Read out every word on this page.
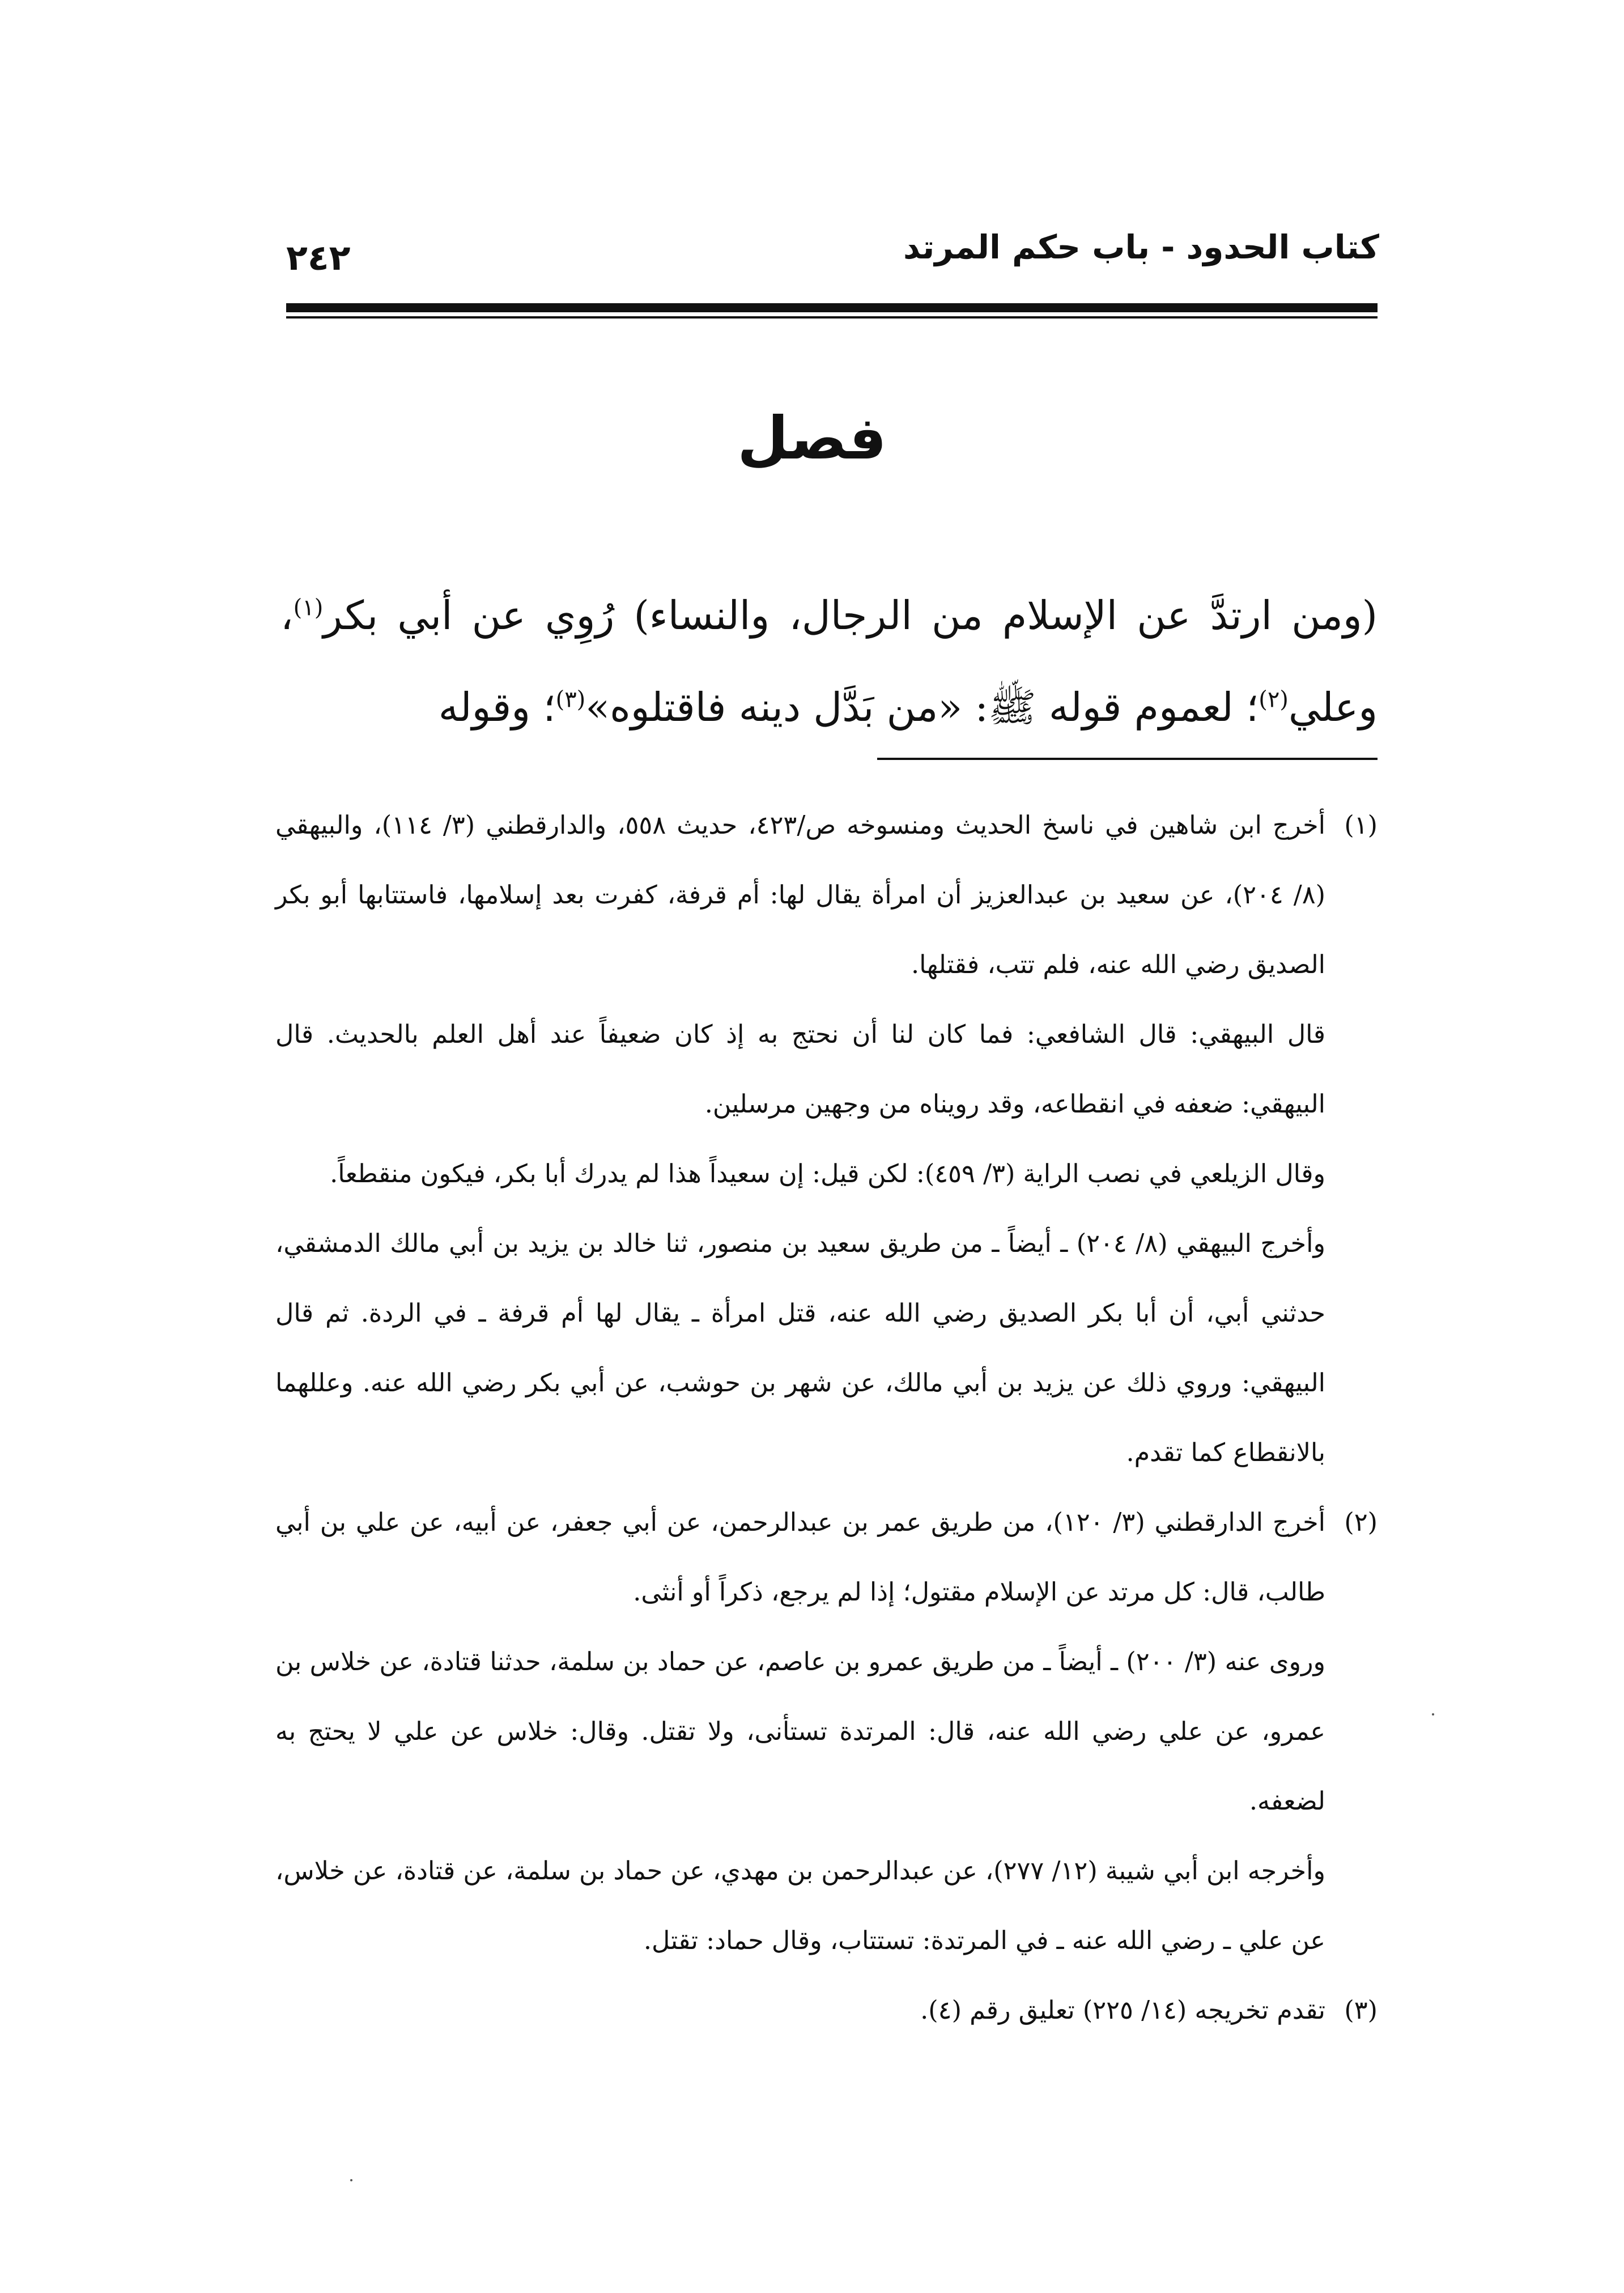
كتاب الحدود - باب حكم المرتد
٢٤٢
فصل
(ومن ارتدَّ عن الإسلام من الرجال، والنساء) رُوِي عن أبي بكر$^{(١)}$، وعلي$^{(٢)}$؛ لعموم قوله ﷺ: «من بَدَّل دينه فاقتلوه»$^{(٣)}$؛ وقوله

(١)أخرج ابن شاهين في ناسخ الحديث ومنسوخه ص/٤٢٣، حديث ٥٥٨، والدارقطني (٣/ ١١٤)، والبيهقي (٨/ ٢٠٤)، عن سعيد بن عبدالعزيز أن امرأة يقال لها: أم قرفة، كفرت بعد إسلامها، فاستتابها أبو بكر الصديق رضي الله عنه، فلم تتب، فقتلها.

قال البيهقي: قال الشافعي: فما كان لنا أن نحتج به إذ كان ضعيفاً عند أهل العلم بالحديث. قال البيهقي: ضعفه في انقطاعه، وقد رويناه من وجهين مرسلين.

وقال الزيلعي في نصب الراية (٣/ ٤٥٩): لكن قيل: إن سعيداً هذا لم يدرك أبا بكر، فيكون منقطعاً.

وأخرج البيهقي (٨/ ٢٠٤) ـ أيضاً ـ من طريق سعيد بن منصور، ثنا خالد بن يزيد بن أبي مالك الدمشقي، حدثني أبي، أن أبا بكر الصديق رضي الله عنه، قتل امرأة ـ يقال لها أم قرفة ـ في الردة. ثم قال البيهقي: وروي ذلك عن يزيد بن أبي مالك، عن شهر بن حوشب، عن أبي بكر رضي الله عنه. وعللهما بالانقطاع كما تقدم.

(٢)أخرج الدارقطني (٣/ ١٢٠)، من طريق عمر بن عبدالرحمن، عن أبي جعفر، عن أبيه، عن علي بن أبي طالب، قال: كل مرتد عن الإسلام مقتول؛ إذا لم يرجع، ذكراً أو أنثى.

وروى عنه (٣/ ٢٠٠) ـ أيضاً ـ من طريق عمرو بن عاصم، عن حماد بن سلمة، حدثنا قتادة، عن خلاس بن عمرو، عن علي رضي الله عنه، قال: المرتدة تستأنى، ولا تقتل. وقال: خلاس عن علي لا يحتج به لضعفه.

وأخرجه ابن أبي شيبة (١٢/ ٢٧٧)، عن عبدالرحمن بن مهدي، عن حماد بن سلمة، عن قتادة، عن خلاس، عن علي ـ رضي الله عنه ـ في المرتدة: تستتاب، وقال حماد: تقتل.

(٣)تقدم تخريجه (١٤/ ٢٢٥) تعليق رقم (٤).
